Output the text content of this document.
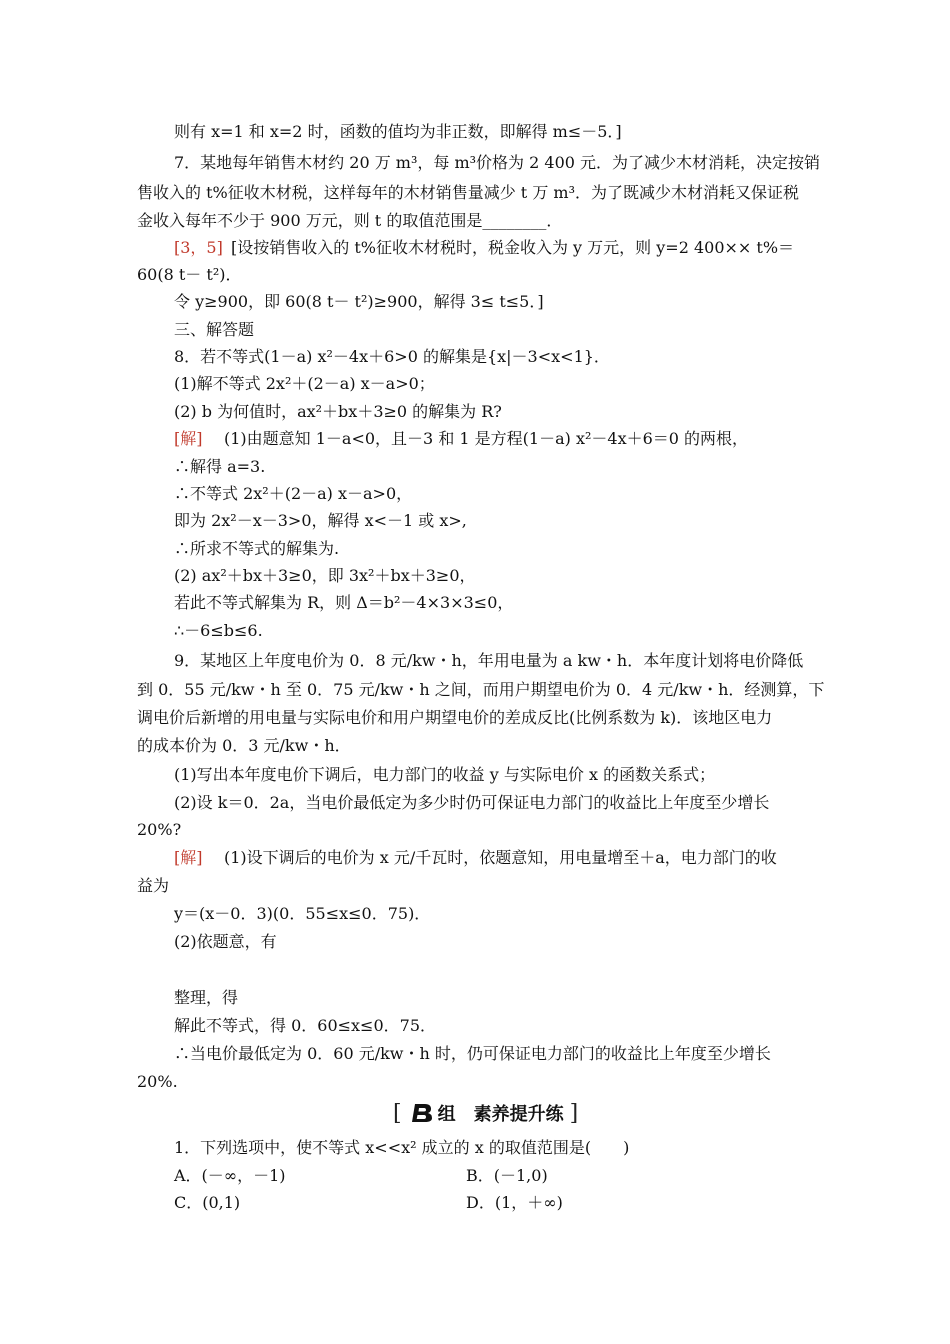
则有 x=1 和 x=2 时，函数的值均为非正数，即解得 m≤－5．]
7．某地每年销售木材约 20 万 m³，每 m³价格为 2 400 元．为了减少木材消耗，决定按销
售收入的 t%征收木材税，这样每年的木材销售量减少 t 万 m³．为了既减少木材消耗又保证税
金收入每年不少于 900 万元，则 t 的取值范围是________．
[3，5] [设按销售收入的 t%征收木材税时，税金收入为 y 万元，则 y=2 400×× t%＝
60(8 t－ t²)．
令 y≥900，即 60(8 t－ t²)≥900，解得 3≤ t≤5．]
三、解答题
8．若不等式(1－a) x²－4x＋6>0 的解集是{x|－3<x<1}．
(1)解不等式 2x²＋(2－a) x－a>0；
(2) b 为何值时，ax²＋bx＋3≥0 的解集为 R?
[解] (1)由题意知 1－a<0，且－3 和 1 是方程(1－a) x²－4x＋6＝0 的两根，
∴解得 a=3.
∴不等式 2x²＋(2－a) x－a>0，
即为 2x²－x－3>0，解得 x<－1 或 x>,
∴所求不等式的解集为.
(2) ax²＋bx＋3≥0，即 3x²＋bx＋3≥0，
若此不等式解集为 R，则 Δ＝b²－4×3×3≤0，
∴－6≤b≤6.
9．某地区上年度电价为 0．8 元/kw・h，年用电量为 a kw・h．本年度计划将电价降低
到 0．55 元/kw・h 至 0．75 元/kw・h 之间，而用户期望电价为 0．4 元/kw・h．经测算，下
调电价后新增的用电量与实际电价和用户期望电价的差成反比(比例系数为 k)．该地区电力
的成本价为 0．3 元/kw・h．
(1)写出本年度电价下调后，电力部门的收益 y 与实际电价 x 的函数关系式；
(2)设 k＝0．2a，当电价最低定为多少时仍可保证电力部门的收益比上年度至少增长
20%?
[解] (1)设下调后的电价为 x 元/千瓦时，依题意知，用电量增至＋a，电力部门的收
益为
y＝(x－0．3)(0．55≤x≤0．75)．
(2)依题意，有
整理，得
解此不等式，得 0．60≤x≤0．75．
∴当电价最低定为 0．60 元/kw・h 时，仍可保证电力部门的收益比上年度至少增长
20%.
[ 组　素养提升练 ]
1．下列选项中，使不等式 x<<x² 成立的 x 的取值范围是(　　)
A．(－∞，－1)	B．(－1,0)
C．(0,1)	D．(1，＋∞)
